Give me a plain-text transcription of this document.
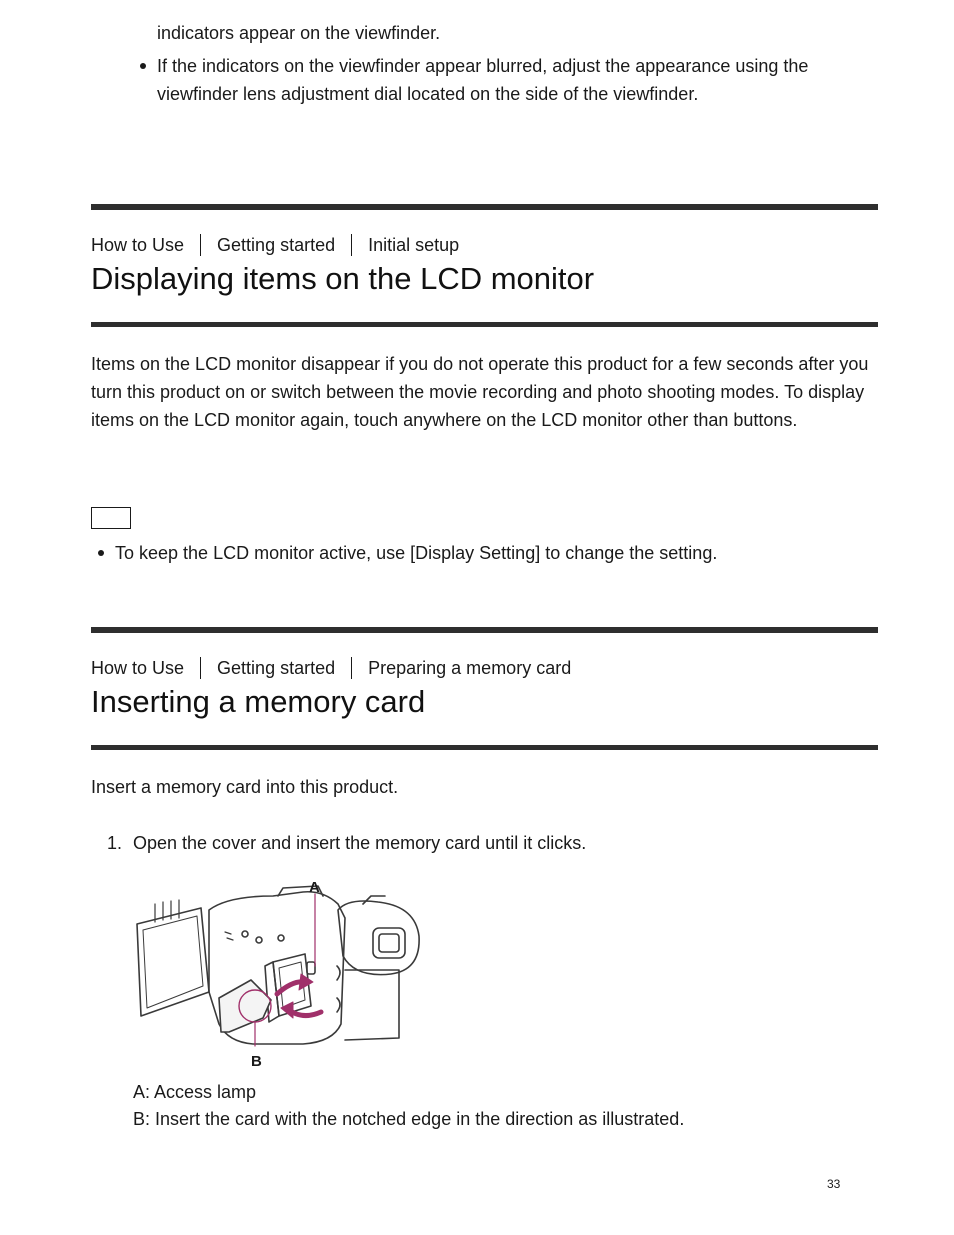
indicators appear on the viewfinder.
If the indicators on the viewfinder appear blurred, adjust the appearance using the viewfinder lens adjustment dial located on the side of the viewfinder.
How to Use Getting started Initial setup
Displaying items on the LCD monitor
Items on the LCD monitor disappear if you do not operate this product for a few seconds after you turn this product on or switch between the movie recording and photo shooting modes. To display items on the LCD monitor again, touch anywhere on the LCD monitor other than buttons.
To keep the LCD monitor active, use [Display Setting] to change the setting.
How to Use Getting started Preparing a memory card
Inserting a memory card
Insert a memory card into this product.
1. Open the cover and insert the memory card until it clicks.
A
B
A: Access lamp
B: Insert the card with the notched edge in the direction as illustrated.
33
